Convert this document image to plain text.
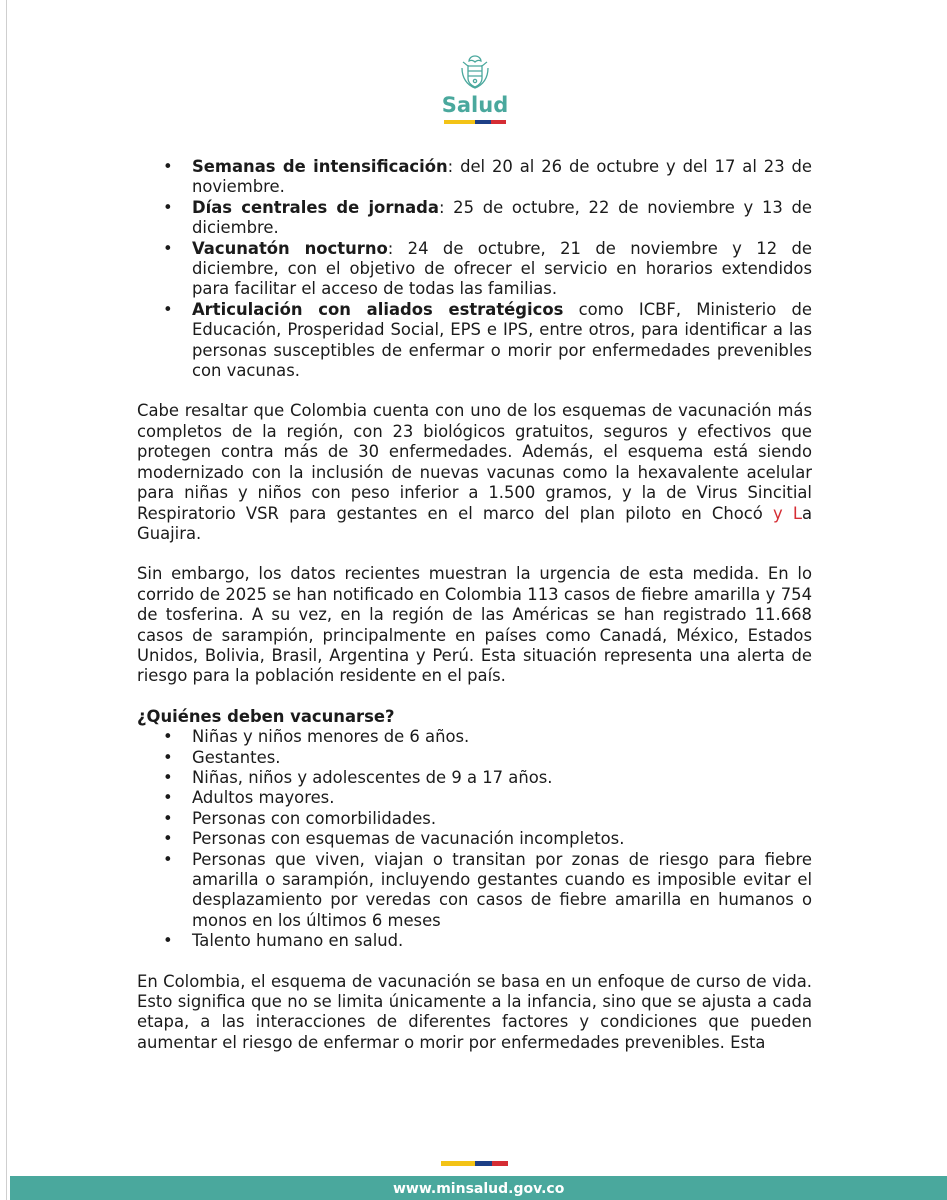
Salud
• Semanas de intensificación: del 20 al 26 de octubre y del 17 al 23 de noviembre.
• Días centrales de jornada: 25 de octubre, 22 de noviembre y 13 de diciembre.
• Vacunatón nocturno: 24 de octubre, 21 de noviembre y 12 de diciembre, con el objetivo de ofrecer el servicio en horarios extendidos para facilitar el acceso de todas las familias.
• Articulación con aliados estratégicos como ICBF, Ministerio de Educación, Prosperidad Social, EPS e IPS, entre otros, para identificar a las personas susceptibles de enfermar o morir por enfermedades prevenibles con vacunas.

Cabe resaltar que Colombia cuenta con uno de los esquemas de vacunación más completos de la región, con 23 biológicos gratuitos, seguros y efectivos que protegen contra más de 30 enfermedades. Además, el esquema está siendo modernizado con la inclusión de nuevas vacunas como la hexavalente acelular para niñas y niños con peso inferior a 1.500 gramos, y la de Virus Sincitial Respiratorio VSR para gestantes en el marco del plan piloto en Chocó y La Guajira.

Sin embargo, los datos recientes muestran la urgencia de esta medida. En lo corrido de 2025 se han notificado en Colombia 113 casos de fiebre amarilla y 754 de tosferina. A su vez, en la región de las Américas se han registrado 11.668 casos de sarampión, principalmente en países como Canadá, México, Estados Unidos, Bolivia, Brasil, Argentina y Perú. Esta situación representa una alerta de riesgo para la población residente en el país.

¿Quiénes deben vacunarse?

• Niñas y niños menores de 6 años.
• Gestantes.
• Niñas, niños y adolescentes de 9 a 17 años.
• Adultos mayores.
• Personas con comorbilidades.
• Personas con esquemas de vacunación incompletos.
• Personas que viven, viajan o transitan por zonas de riesgo para fiebre amarilla o sarampión, incluyendo gestantes cuando es imposible evitar el desplazamiento por veredas con casos de fiebre amarilla en humanos o monos en los últimos 6 meses
• Talento humano en salud.

En Colombia, el esquema de vacunación se basa en un enfoque de curso de vida. Esto significa que no se limita únicamente a la infancia, sino que se ajusta a cada etapa, a las interacciones de diferentes factores y condiciones que pueden aumentar el riesgo de enfermar o morir por enfermedades prevenibles. Esta

www.minsalud.gov.co
